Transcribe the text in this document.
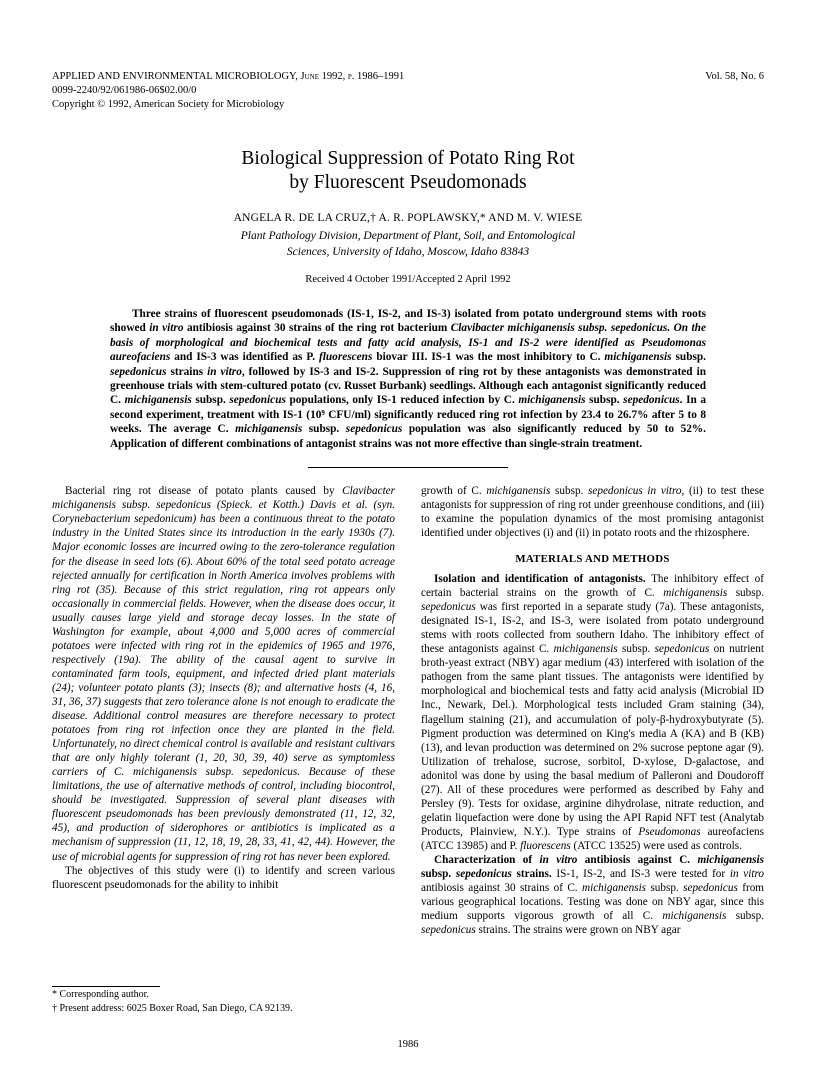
APPLIED AND ENVIRONMENTAL MICROBIOLOGY, June 1992, p. 1986–1991
0099-2240/92/061986-06$02.00/0
Copyright © 1992, American Society for Microbiology
Vol. 58, No. 6
Biological Suppression of Potato Ring Rot
by Fluorescent Pseudomonads
ANGELA R. DE LA CRUZ,† A. R. POPLAWSKY,* AND M. V. WIESE
Plant Pathology Division, Department of Plant, Soil, and Entomological
Sciences, University of Idaho, Moscow, Idaho 83843
Received 4 October 1991/Accepted 2 April 1992
Three strains of fluorescent pseudomonads (IS-1, IS-2, and IS-3) isolated from potato underground stems with roots showed in vitro antibiosis against 30 strains of the ring rot bacterium Clavibacter michiganensis subsp. sepedonicus. On the basis of morphological and biochemical tests and fatty acid analysis, IS-1 and IS-2 were identified as Pseudomonas aureofaciens and IS-3 was identified as P. fluorescens biovar III. IS-1 was the most inhibitory to C. michiganensis subsp. sepedonicus strains in vitro, followed by IS-3 and IS-2. Suppression of ring rot by these antagonists was demonstrated in greenhouse trials with stem-cultured potato (cv. Russet Burbank) seedlings. Although each antagonist significantly reduced C. michiganensis subsp. sepedonicus populations, only IS-1 reduced infection by C. michiganensis subsp. sepedonicus. In a second experiment, treatment with IS-1 (10⁹ CFU/ml) significantly reduced ring rot infection by 23.4 to 26.7% after 5 to 8 weeks. The average C. michiganensis subsp. sepedonicus population was also significantly reduced by 50 to 52%. Application of different combinations of antagonist strains was not more effective than single-strain treatment.

Bacterial ring rot disease of potato plants caused by Clavibacter michiganensis subsp. sepedonicus (Spieck. et Kotth.) Davis et al. (syn. Corynebacterium sepedonicum) has been a continuous threat to the potato industry in the United States since its introduction in the early 1930s (7). Major economic losses are incurred owing to the zero-tolerance regulation for the disease in seed lots (6). About 60% of the total seed potato acreage rejected annually for certification in North America involves problems with ring rot (35). Because of this strict regulation, ring rot appears only occasionally in commercial fields. However, when the disease does occur, it usually causes large yield and storage decay losses. In the state of Washington for example, about 4,000 and 5,000 acres of commercial potatoes were infected with ring rot in the epidemics of 1965 and 1976, respectively (19a). The ability of the causal agent to survive in contaminated farm tools, equipment, and infected dried plant materials (24); volunteer potato plants (3); insects (8); and alternative hosts (4, 16, 31, 36, 37) suggests that zero tolerance alone is not enough to eradicate the disease. Additional control measures are therefore necessary to protect potatoes from ring rot infection once they are planted in the field. Unfortunately, no direct chemical control is available and resistant cultivars that are only highly tolerant (1, 20, 30, 39, 40) serve as symptomless carriers of C. michiganensis subsp. sepedonicus. Because of these limitations, the use of alternative methods of control, including biocontrol, should be investigated. Suppression of several plant diseases with fluorescent pseudomonads has been previously demonstrated (11, 12, 32, 45), and production of siderophores or antibiotics is implicated as a mechanism of suppression (11, 12, 18, 19, 28, 33, 41, 42, 44). However, the use of microbial agents for suppression of ring rot has never been explored.

The objectives of this study were (i) to identify and screen various fluorescent pseudomonads for the ability to inhibit

growth of C. michiganensis subsp. sepedonicus in vitro, (ii) to test these antagonists for suppression of ring rot under greenhouse conditions, and (iii) to examine the population dynamics of the most promising antagonist identified under objectives (i) and (ii) in potato roots and the rhizosphere.

MATERIALS AND METHODS

Isolation and identification of antagonists. The inhibitory effect of certain bacterial strains on the growth of C. michiganensis subsp. sepedonicus was first reported in a separate study (7a). These antagonists, designated IS-1, IS-2, and IS-3, were isolated from potato underground stems with roots collected from southern Idaho. The inhibitory effect of these antagonists against C. michiganensis subsp. sepedonicus on nutrient broth-yeast extract (NBY) agar medium (43) interfered with isolation of the pathogen from the same plant tissues. The antagonists were identified by morphological and biochemical tests and fatty acid analysis (Microbial ID Inc., Newark, Del.). Morphological tests included Gram staining (34), flagellum staining (21), and accumulation of poly-β-hydroxybutyrate (5). Pigment production was determined on King's media A (KA) and B (KB) (13), and levan production was determined on 2% sucrose peptone agar (9). Utilization of trehalose, sucrose, sorbitol, D-xylose, D-galactose, and adonitol was done by using the basal medium of Palleroni and Doudoroff (27). All of these procedures were performed as described by Fahy and Persley (9). Tests for oxidase, arginine dihydrolase, nitrate reduction, and gelatin liquefaction were done by using the API Rapid NFT test (Analytab Products, Plainview, N.Y.). Type strains of Pseudomonas aureofaciens (ATCC 13985) and P. fluorescens (ATCC 13525) were used as controls.

Characterization of in vitro antibiosis against C. michiganensis subsp. sepedonicus strains. IS-1, IS-2, and IS-3 were tested for in vitro antibiosis against 30 strains of C. michiganensis subsp. sepedonicus from various geographical locations. Testing was done on NBY agar, since this medium supports vigorous growth of all C. michiganensis subsp. sepedonicus strains. The strains were grown on NBY agar

* Corresponding author.
† Present address: 6025 Boxer Road, San Diego, CA 92139.
1986
